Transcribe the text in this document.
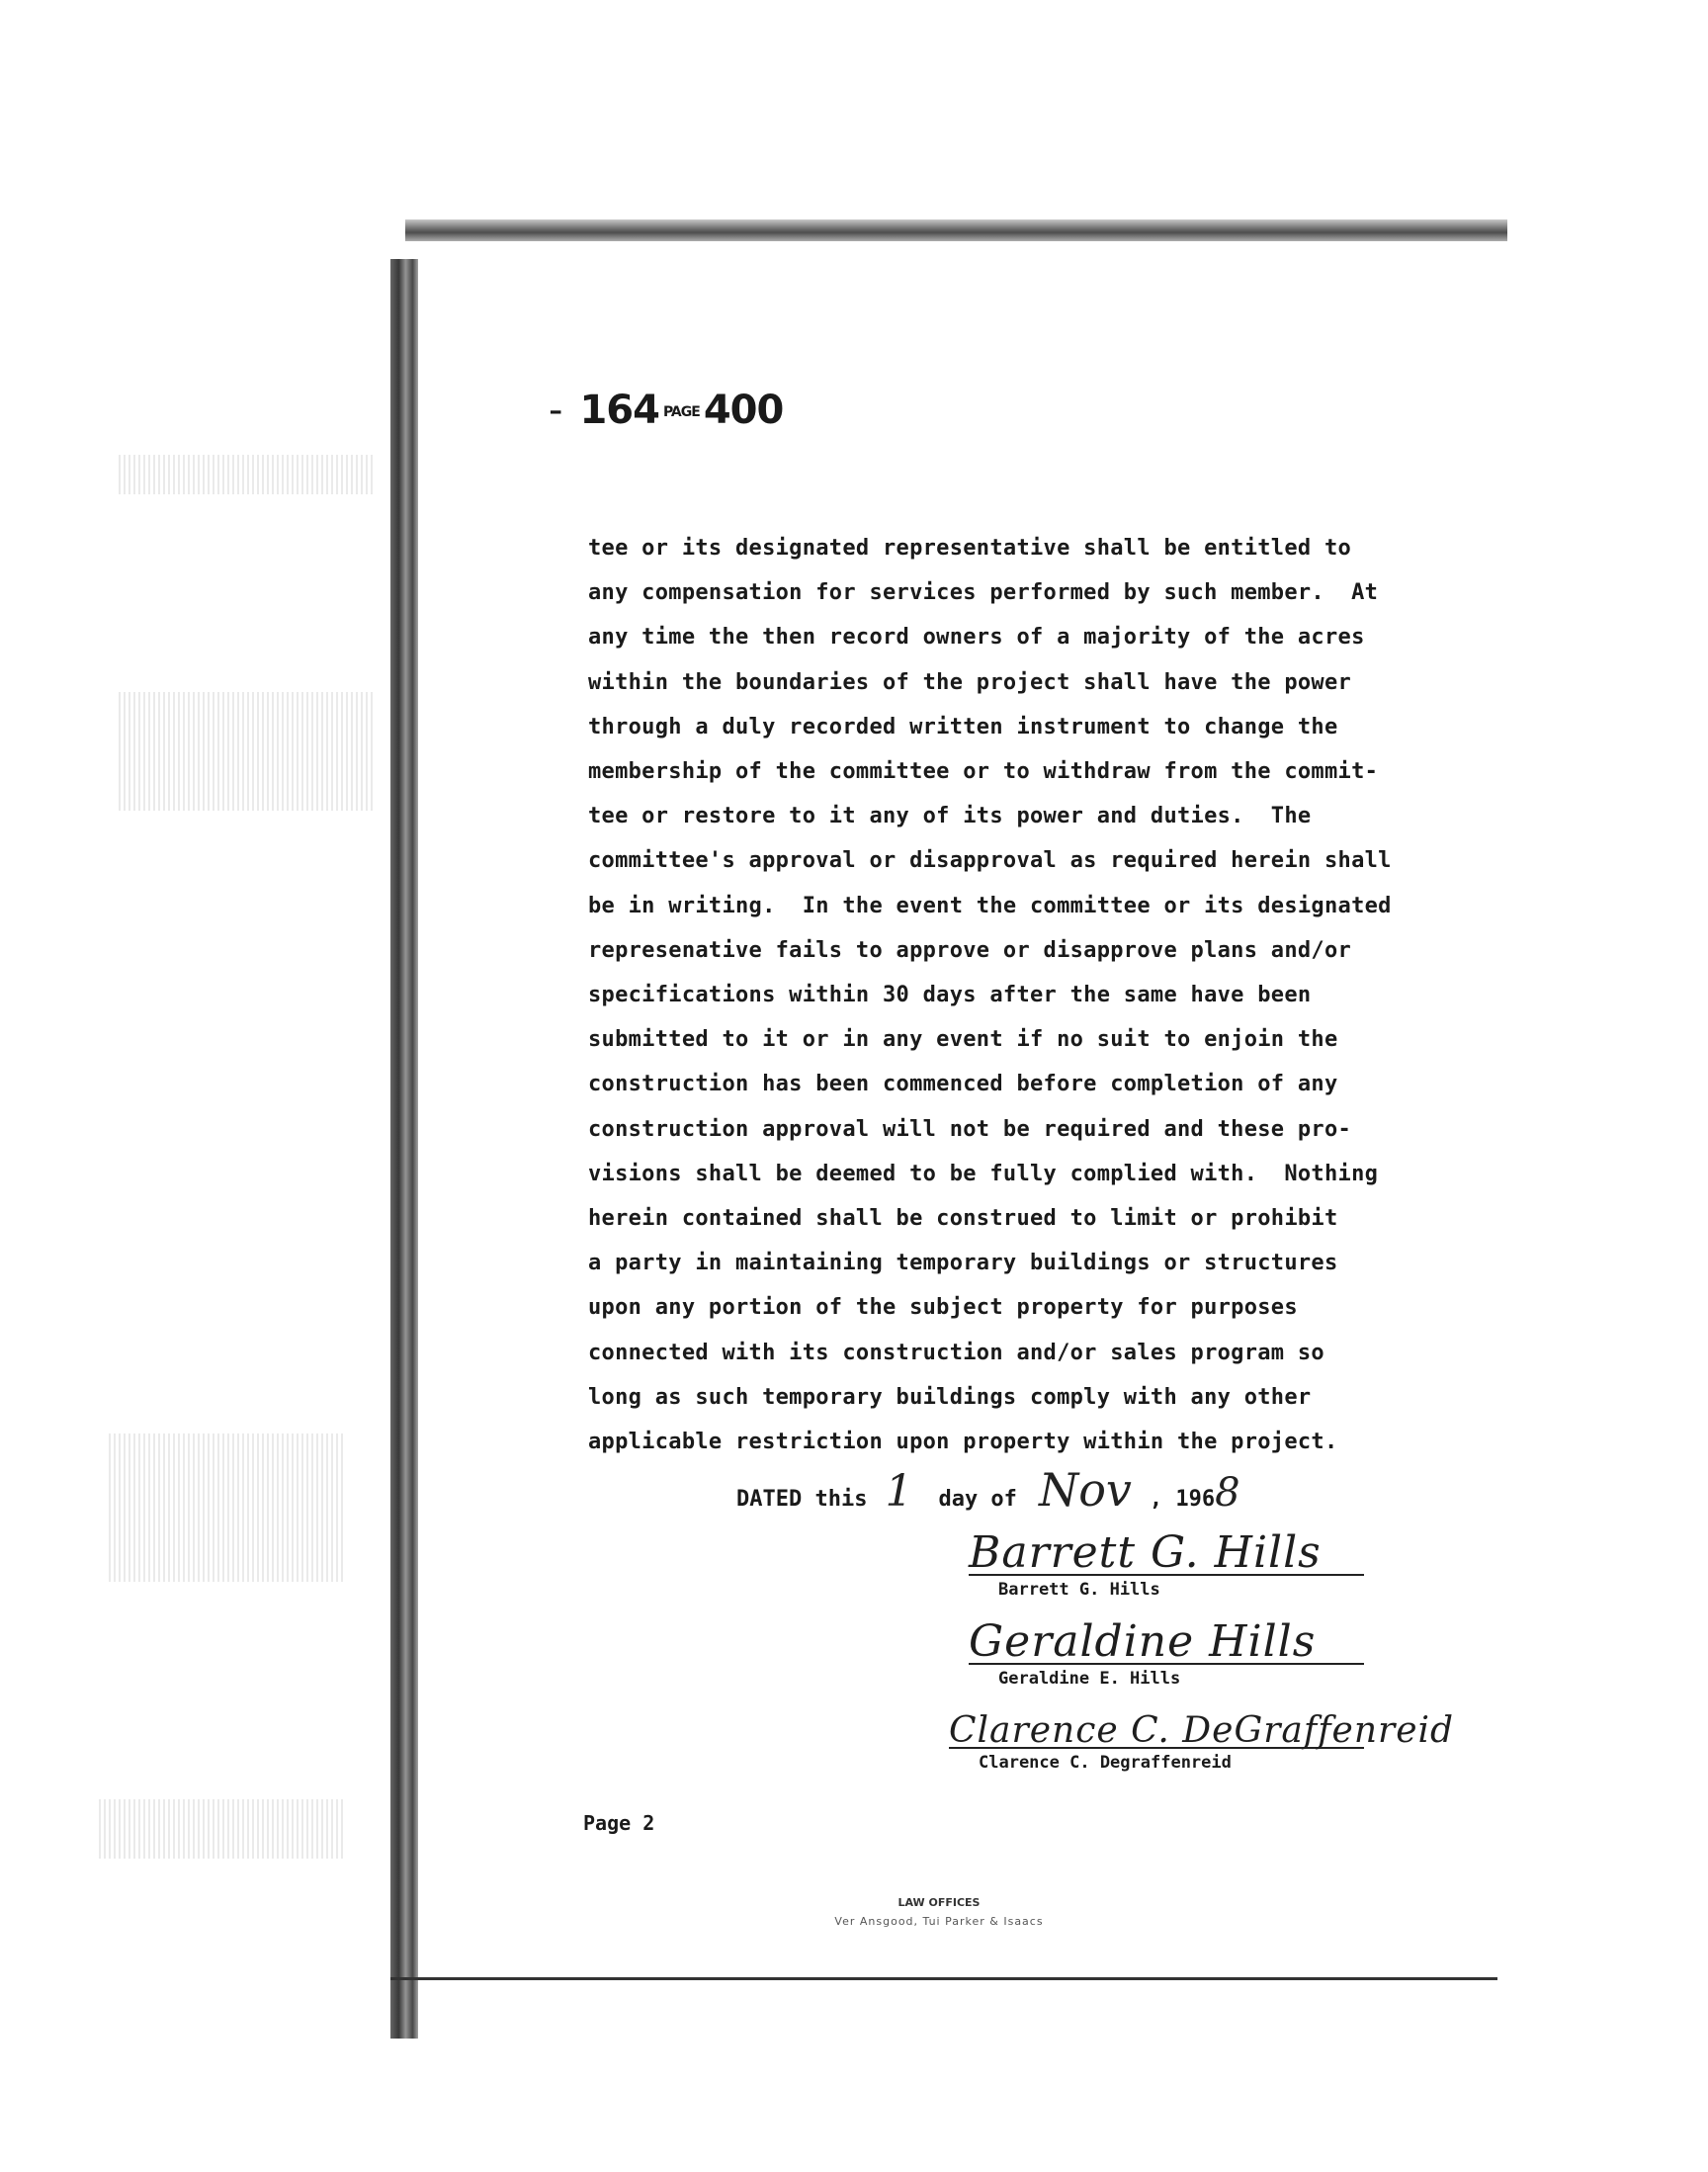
- 164 PAGE 400
tee or its designated representative shall be entitled to
any compensation for services performed by such member.  At
any time the then record owners of a majority of the acres
within the boundaries of the project shall have the power
through a duly recorded written instrument to change the
membership of the committee or to withdraw from the commit-
tee or restore to it any of its power and duties.  The
committee's approval or disapproval as required herein shall
be in writing.  In the event the committee or its designated
represenative fails to approve or disapprove plans and/or
specifications within 30 days after the same have been
submitted to it or in any event if no suit to enjoin the
construction has been commenced before completion of any
construction approval will not be required and these pro-
visions shall be deemed to be fully complied with.  Nothing
herein contained shall be construed to limit or prohibit
a party in maintaining temporary buildings or structures
upon any portion of the subject property for purposes
connected with its construction and/or sales program so
long as such temporary buildings comply with any other
applicable restriction upon property within the project.
DATED this 1 day of Nov , 196 8
Barrett G. Hills
Barrett G. Hills
Geraldine Hills
Geraldine E. Hills
Clarence C. DeGraffenreid
Clarence C. Degraffenreid
Page 2
LAW OFFICES
Ver Ansgood, Tui Parker & Isaacs
